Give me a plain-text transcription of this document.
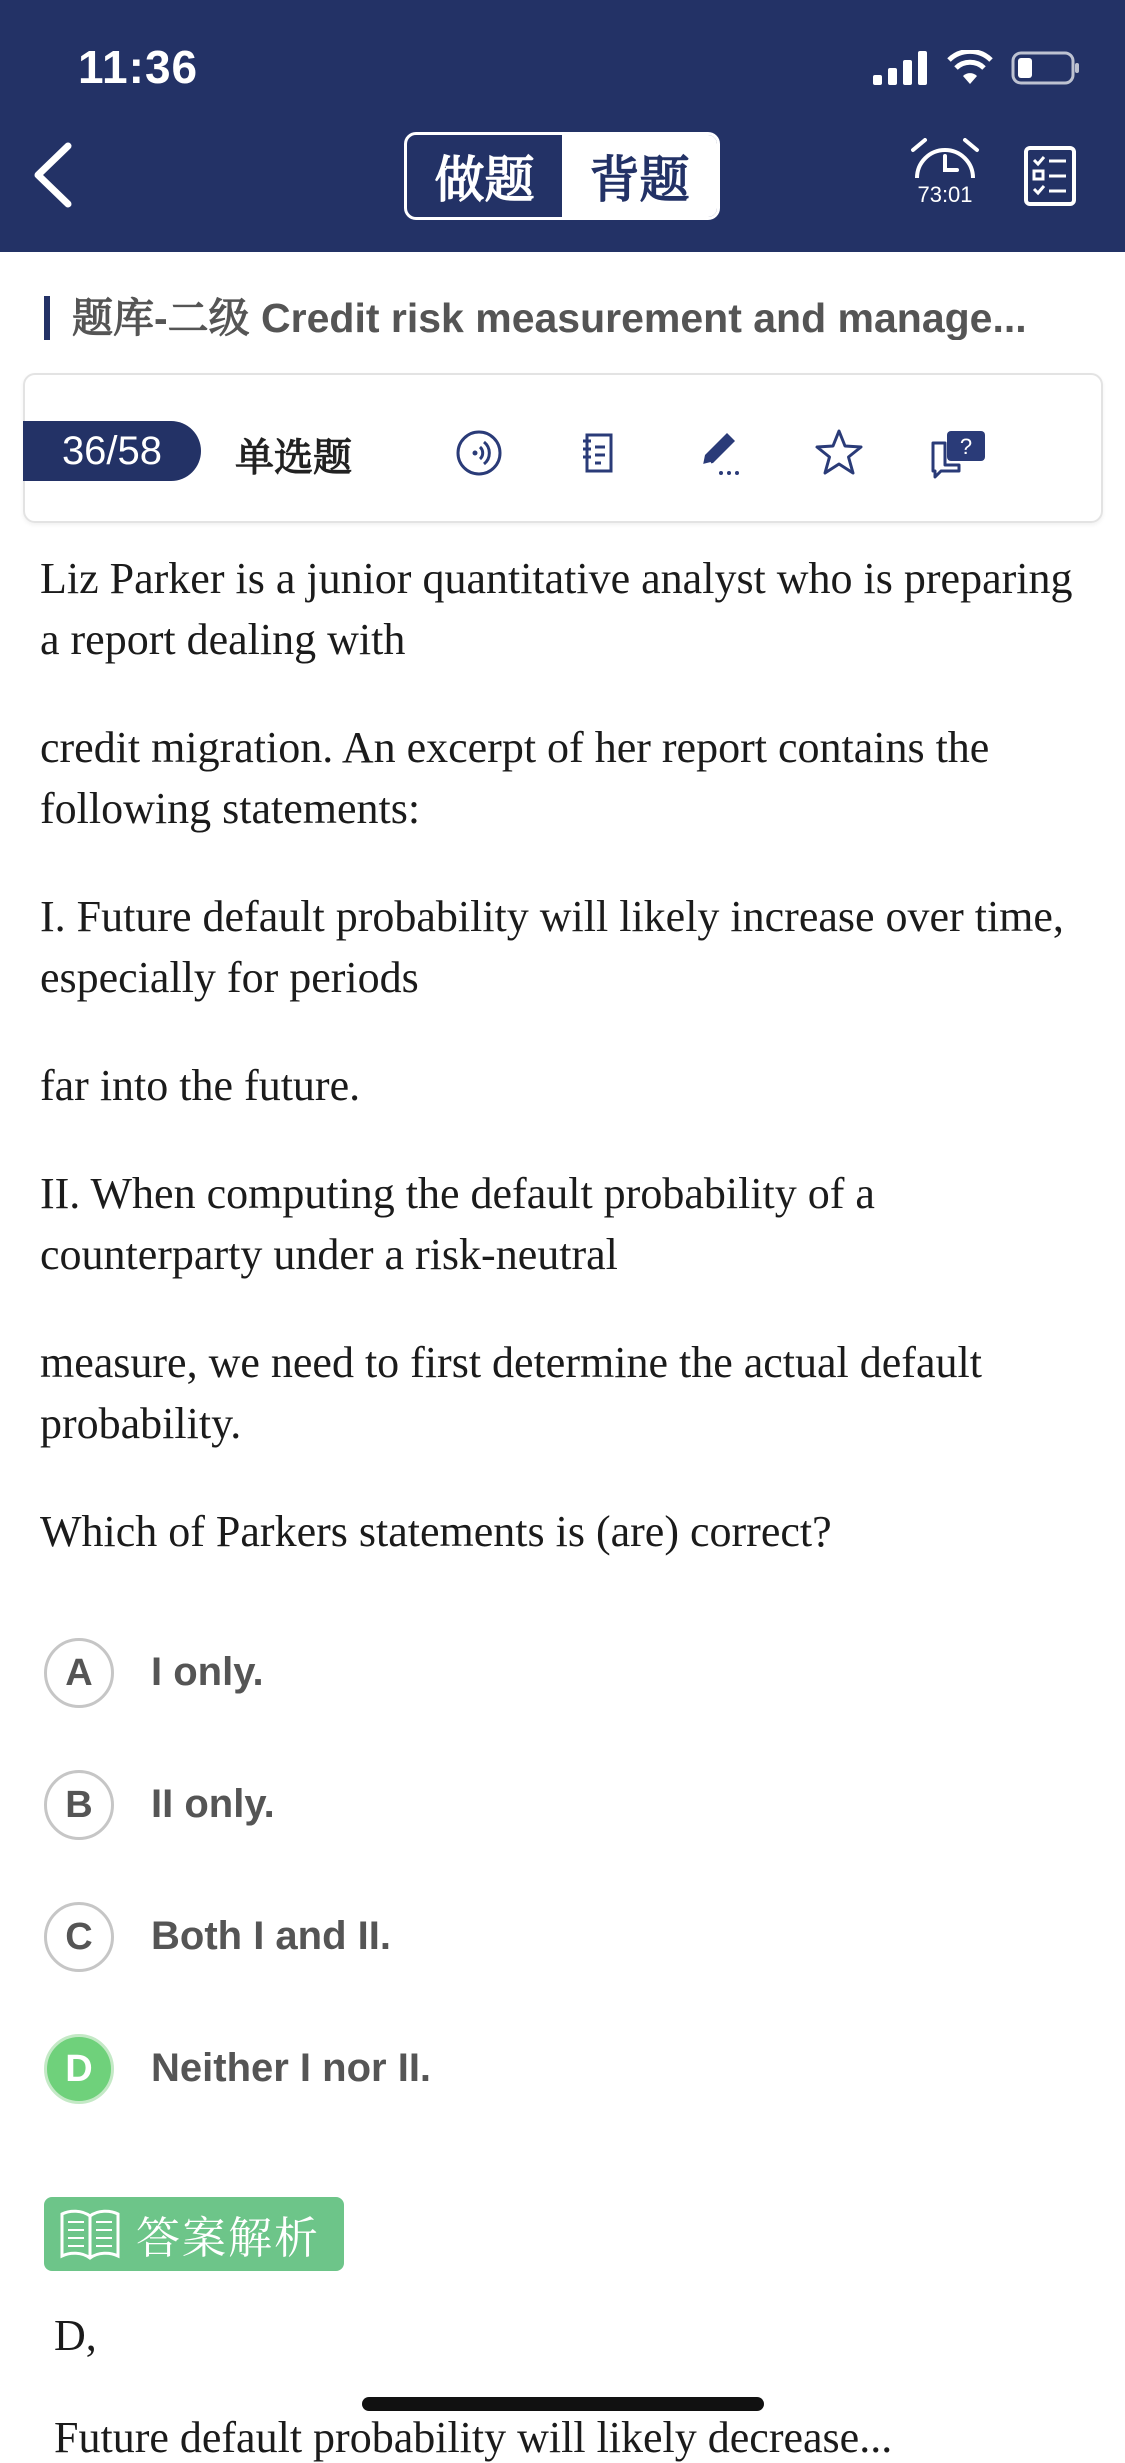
11:36
做题	背题	73:01
题库-二级 Credit risk measurement and manage...
36/58	单选题	?

Liz Parker is a junior quantitative analyst who is preparing a report dealing with

credit migration. An excerpt of her report contains the following statements:

I. Future default probability will likely increase over time, especially for periods

far into the future.

II. When computing the default probability of a counterparty under a risk-neutral

measure, we need to first determine the actual default probability.

Which of Parkers statements is (are) correct?

A	I only.
B	II only.
C	Both I and II.
D	Neither I nor II.
答案解析
D,
Future default probability will likely decrease...
